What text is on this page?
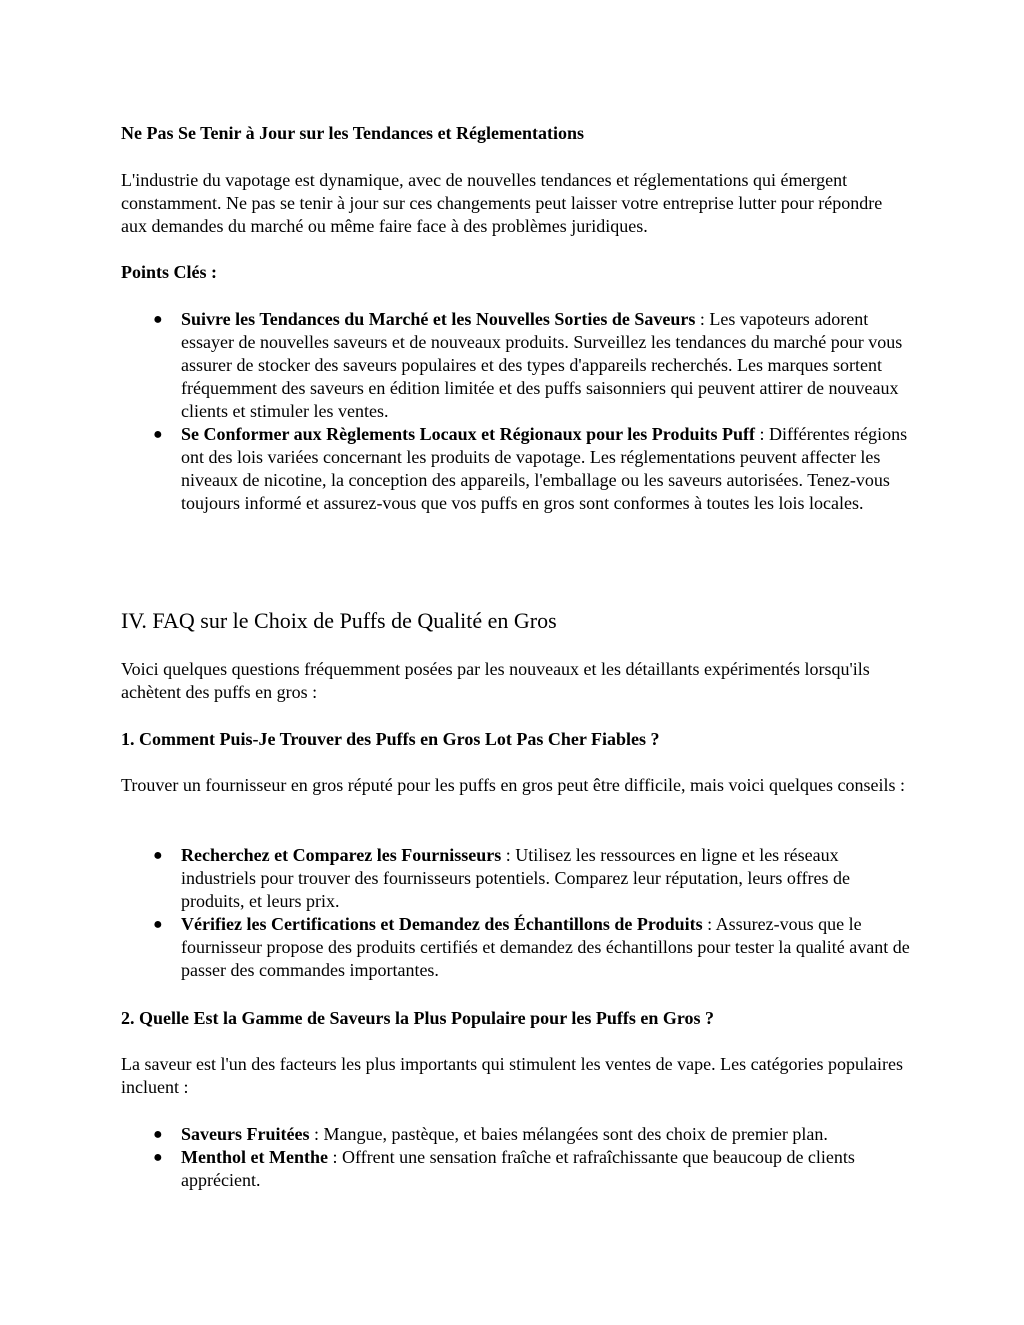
Ne Pas Se Tenir à Jour sur les Tendances et Réglementations

L'industrie du vapotage est dynamique, avec de nouvelles tendances et réglementations qui émergent constamment. Ne pas se tenir à jour sur ces changements peut laisser votre entreprise lutter pour répondre aux demandes du marché ou même faire face à des problèmes juridiques.

Points Clés :

● Suivre les Tendances du Marché et les Nouvelles Sorties de Saveurs : Les vapoteurs adorent essayer de nouvelles saveurs et de nouveaux produits. Surveillez les tendances du marché pour vous assurer de stocker des saveurs populaires et des types d'appareils recherchés. Les marques sortent fréquemment des saveurs en édition limitée et des puffs saisonniers qui peuvent attirer de nouveaux clients et stimuler les ventes.
● Se Conformer aux Règlements Locaux et Régionaux pour les Produits Puff : Différentes régions ont des lois variées concernant les produits de vapotage. Les réglementations peuvent affecter les niveaux de nicotine, la conception des appareils, l'emballage ou les saveurs autorisées. Tenez-vous toujours informé et assurez-vous que vos puffs en gros sont conformes à toutes les lois locales.
IV. FAQ sur le Choix de Puffs de Qualité en Gros

Voici quelques questions fréquemment posées par les nouveaux et les détaillants expérimentés lorsqu'ils achètent des puffs en gros :

1. Comment Puis-Je Trouver des Puffs en Gros Lot Pas Cher Fiables ?

Trouver un fournisseur en gros réputé pour les puffs en gros peut être difficile, mais voici quelques conseils :

● Recherchez et Comparez les Fournisseurs : Utilisez les ressources en ligne et les réseaux industriels pour trouver des fournisseurs potentiels. Comparez leur réputation, leurs offres de produits, et leurs prix.
● Vérifiez les Certifications et Demandez des Échantillons de Produits : Assurez-vous que le fournisseur propose des produits certifiés et demandez des échantillons pour tester la qualité avant de passer des commandes importantes.

2. Quelle Est la Gamme de Saveurs la Plus Populaire pour les Puffs en Gros ?

La saveur est l'un des facteurs les plus importants qui stimulent les ventes de vape. Les catégories populaires incluent :

● Saveurs Fruitées : Mangue, pastèque, et baies mélangées sont des choix de premier plan.
● Menthol et Menthe : Offrent une sensation fraîche et rafraîchissante que beaucoup de clients apprécient.
